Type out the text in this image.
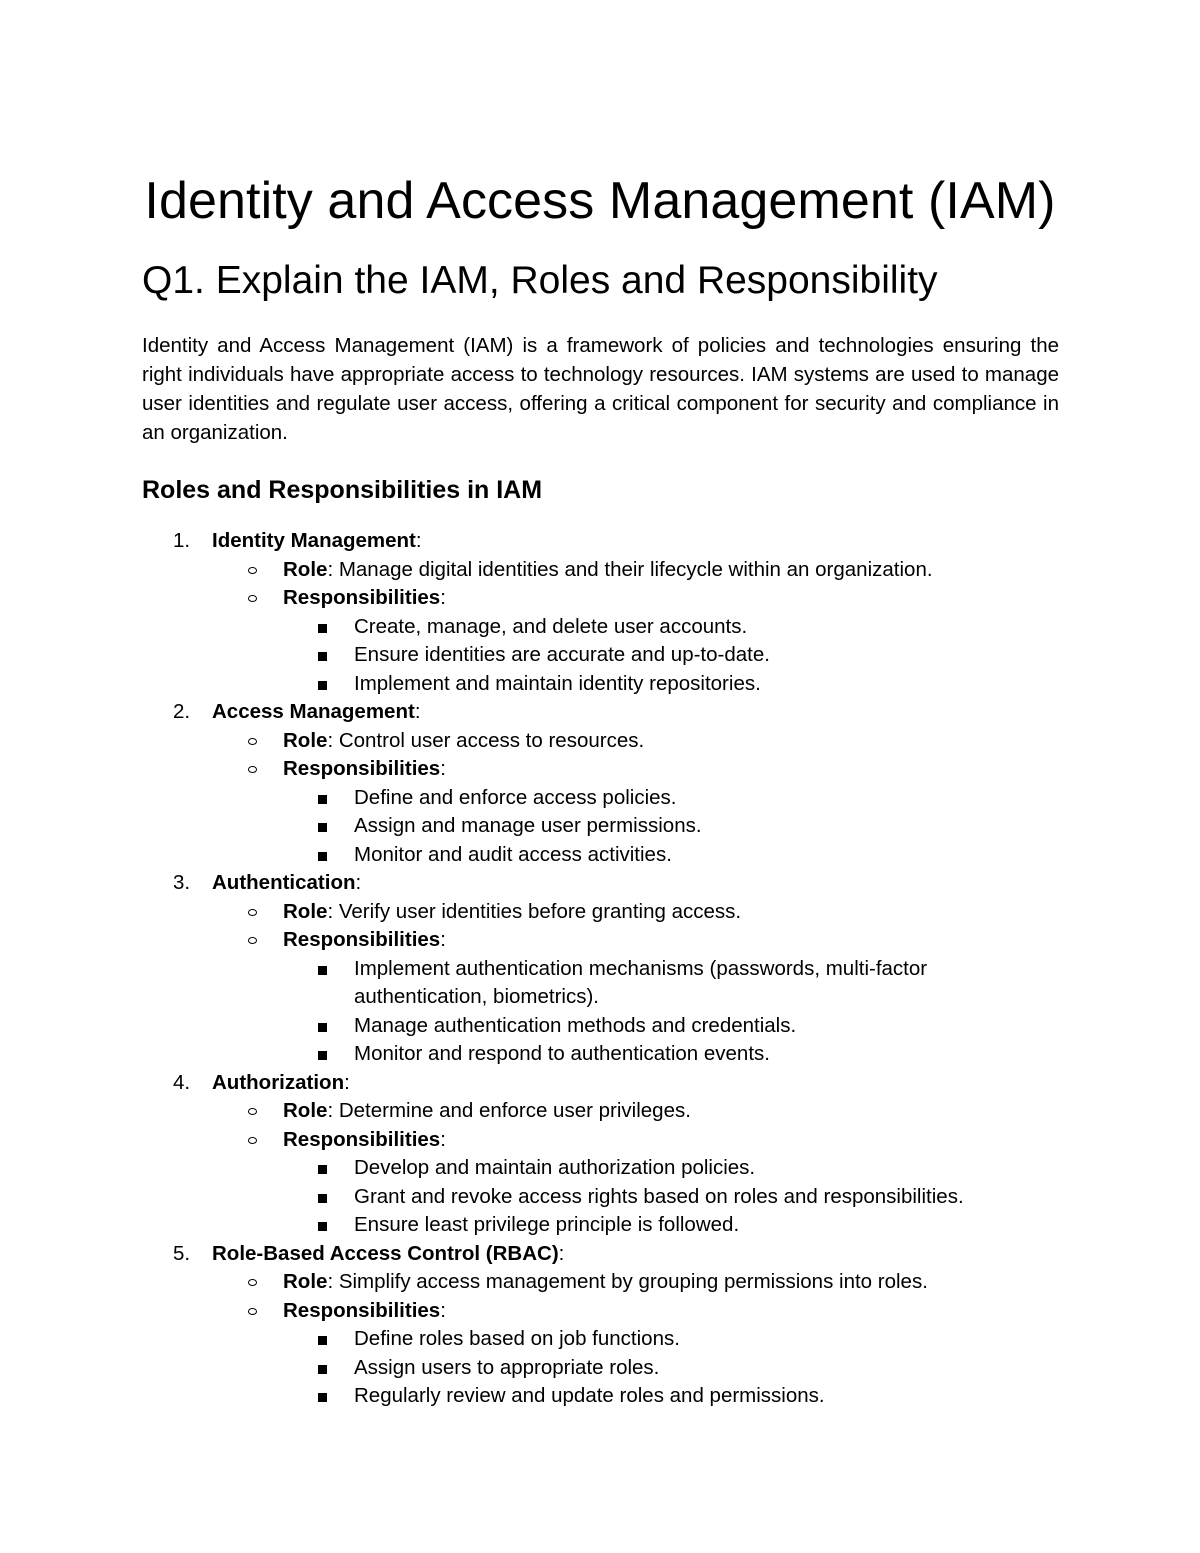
Identity and Access Management (IAM)
Q1. Explain the IAM, Roles and Responsibility

Identity and Access Management (IAM) is a framework of policies and technologies ensuring the right individuals have appropriate access to technology resources. IAM systems are used to manage user identities and regulate user access, offering a critical component for security and compliance in an organization.

Roles and Responsibilities in IAM
1. Identity Management:
Role: Manage digital identities and their lifecycle within an organization.
Responsibilities:
Create, manage, and delete user accounts.
Ensure identities are accurate and up-to-date.
Implement and maintain identity repositories.
2. Access Management:
Role: Control user access to resources.
Responsibilities:
Define and enforce access policies.
Assign and manage user permissions.
Monitor and audit access activities.
3. Authentication:
Role: Verify user identities before granting access.
Responsibilities:
Implement authentication mechanisms (passwords, multi-factor authentication, biometrics).
Manage authentication methods and credentials.
Monitor and respond to authentication events.
4. Authorization:
Role: Determine and enforce user privileges.
Responsibilities:
Develop and maintain authorization policies.
Grant and revoke access rights based on roles and responsibilities.
Ensure least privilege principle is followed.
5. Role-Based Access Control (RBAC):
Role: Simplify access management by grouping permissions into roles.
Responsibilities:
Define roles based on job functions.
Assign users to appropriate roles.
Regularly review and update roles and permissions.
